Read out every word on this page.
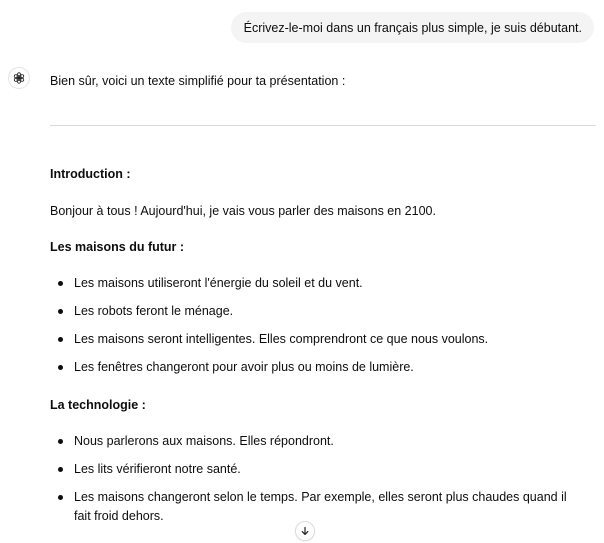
Écrivez-le-moi dans un français plus simple, je suis débutant.

Bien sûr, voici un texte simplifié pour ta présentation :

Introduction :
Bonjour à tous ! Aujourd'hui, je vais vous parler des maisons en 2100.
Les maisons du futur :
Les maisons utiliseront l'énergie du soleil et du vent.
Les robots feront le ménage.
Les maisons seront intelligentes. Elles comprendront ce que nous voulons.
Les fenêtres changeront pour avoir plus ou moins de lumière.
La technologie :
Nous parlerons aux maisons. Elles répondront.
Les lits vérifieront notre santé.
Les maisons changeront selon le temps. Par exemple, elles seront plus chaudes quand il fait froid dehors.
